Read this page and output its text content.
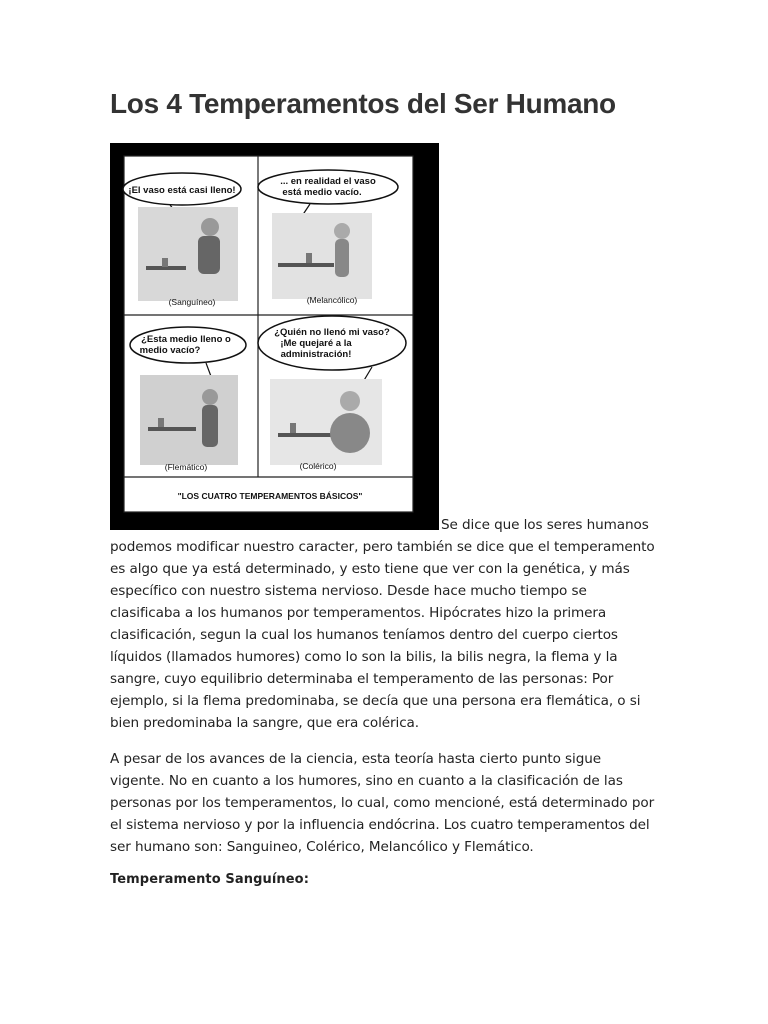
Los 4 Temperamentos del Ser Humano
¡El vaso está casi lleno!
(Sanguíneo)
... en realidad el vaso
está medio vacío.
(Melancólico)
¿Esta medio lleno o
medio vacío?
(Flemático)
¿Quién no llenó mi vaso?
¡Me quejaré a la
administración!
(Colérico)
"LOS CUATRO TEMPERAMENTOS BÁSICOS"

Se dice que los seres humanos podemos modificar nuestro caracter, pero también se dice que el temperamento es algo que ya está determinado, y esto tiene que ver con la genética, y más específico con nuestro sistema nervioso. Desde hace mucho tiempo se clasificaba a los humanos por temperamentos. Hipócrates hizo la primera clasificación, segun la cual los humanos teníamos dentro del cuerpo ciertos líquidos (llamados humores) como lo son la bilis, la bilis negra, la flema y la sangre, cuyo equilibrio determinaba el temperamento de las personas: Por ejemplo, si la flema predominaba, se decía que una persona era flemática, o si bien predominaba la sangre, que era colérica.

A pesar de los avances de la ciencia, esta teoría hasta cierto punto sigue vigente. No en cuanto a los humores, sino en cuanto a la clasificación de las personas por los temperamentos, lo cual, como mencioné, está determinado por el sistema nervioso y por la influencia endócrina. Los cuatro temperamentos del ser humano son: Sanguineo, Colérico, Melancólico y Flemático.

Temperamento Sanguíneo:
